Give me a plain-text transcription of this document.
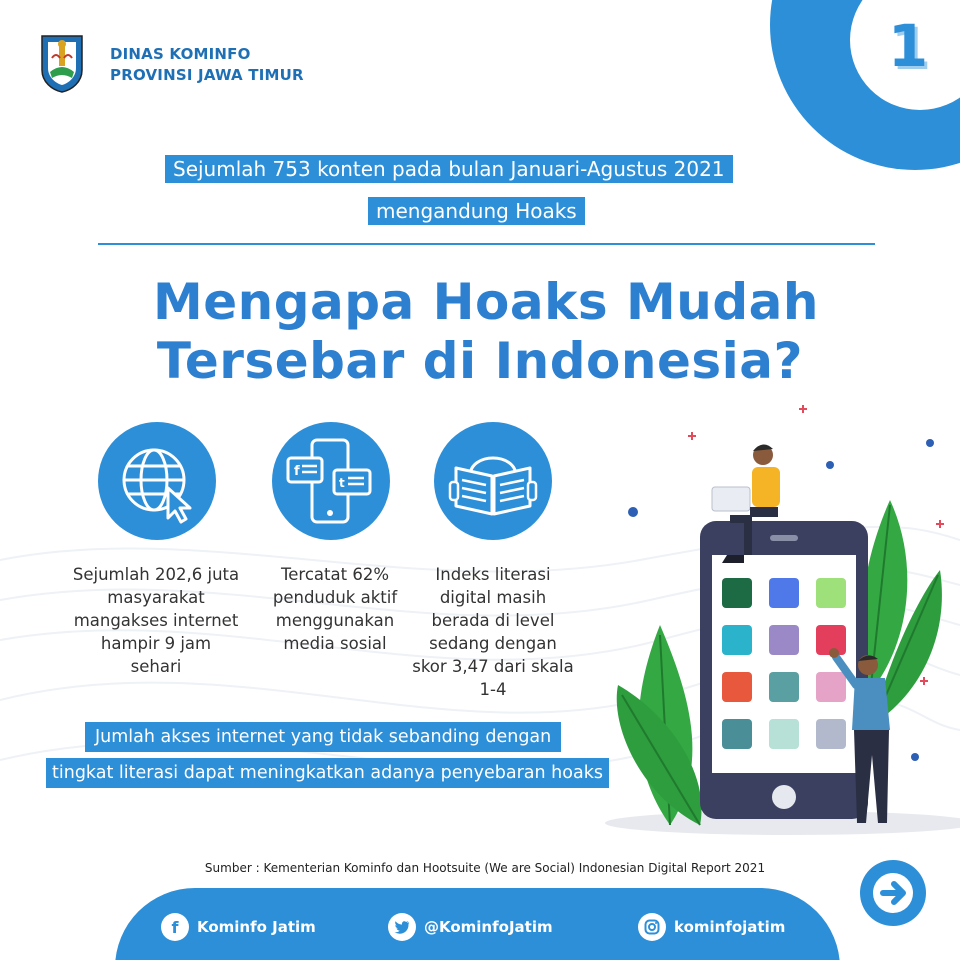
DINAS KOMINFO
PROVINSI JAWA TIMUR	1
Sejumlah 753 konten pada bulan Januari-Agustus 2021
mengandung Hoaks
Mengapa Hoaks Mudah
Tersebar di Indonesia?
Sejumlah 202,6 juta
masyarakat
mangakses internet
hampir 9 jam
sehari
f
t
Tercatat 62%
penduduk aktif
menggunakan
media sosial
Indeks literasi
digital masih
berada di level
sedang dengan
skor 3,47 dari skala
1-4
Jumlah akses internet yang tidak sebanding dengan
tingkat literasi dapat meningkatkan adanya penyebaran hoaks
Sumber : Kementerian Kominfo dan Hootsuite (We are Social) Indonesian Digital Report 2021
f	Kominfo Jatim	@KominfoJatim	kominfojatim
